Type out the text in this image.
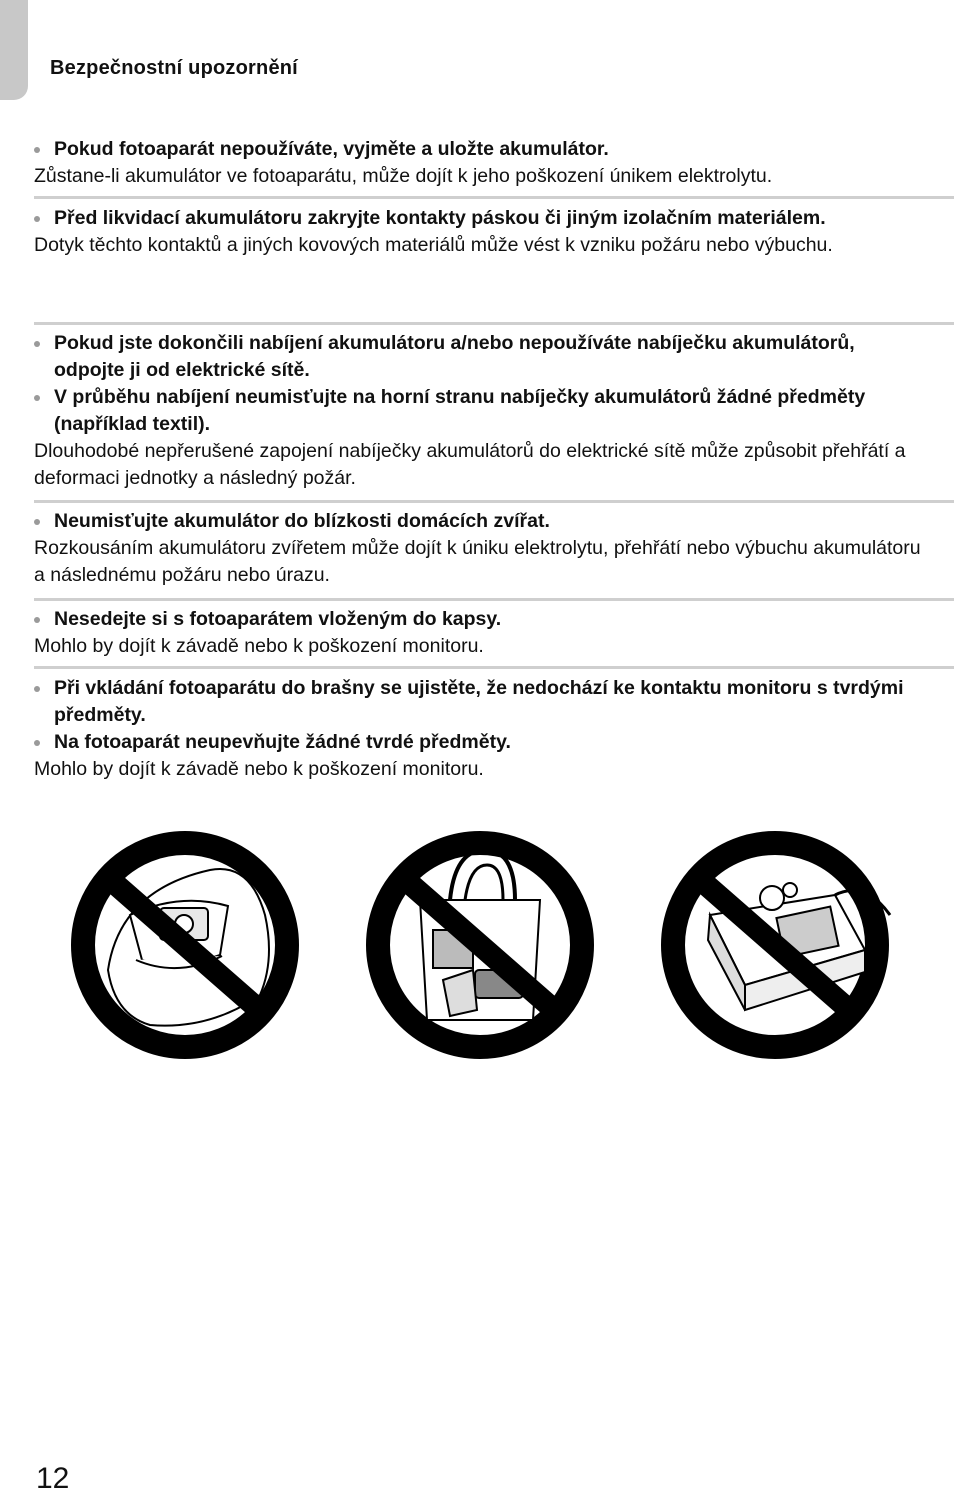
Bezpečnostní upozornění
Pokud fotoaparát nepoužíváte, vyjměte a uložte akumulátor.
Zůstane-li akumulátor ve fotoaparátu, může dojít k jeho poškození únikem elektrolytu.
Před likvidací akumulátoru zakryjte kontakty páskou či jiným izolačním materiálem.
Dotyk těchto kontaktů a jiných kovových materiálů může vést k vzniku požáru nebo výbuchu.
Pokud jste dokončili nabíjení akumulátoru a/nebo nepoužíváte nabíječku akumulátorů, odpojte ji od elektrické sítě.
V průběhu nabíjení neumisťujte na horní stranu nabíječky akumulátorů žádné předměty (například textil).
Dlouhodobé nepřerušené zapojení nabíječky akumulátorů do elektrické sítě může způsobit přehřátí a deformaci jednotky a následný požár.
Neumisťujte akumulátor do blízkosti domácích zvířat.
Rozkousáním akumulátoru zvířetem může dojít k úniku elektrolytu, přehřátí nebo výbuchu akumulátoru a následnému požáru nebo úrazu.
Nesedejte si s fotoaparátem vloženým do kapsy.
Mohlo by dojít k závadě nebo k poškození monitoru.
Při vkládání fotoaparátu do brašny se ujistěte, že nedochází ke kontaktu monitoru s tvrdými předměty.
Na fotoaparát neupevňujte žádné tvrdé předměty.
Mohlo by dojít k závadě nebo k poškození monitoru.
12
